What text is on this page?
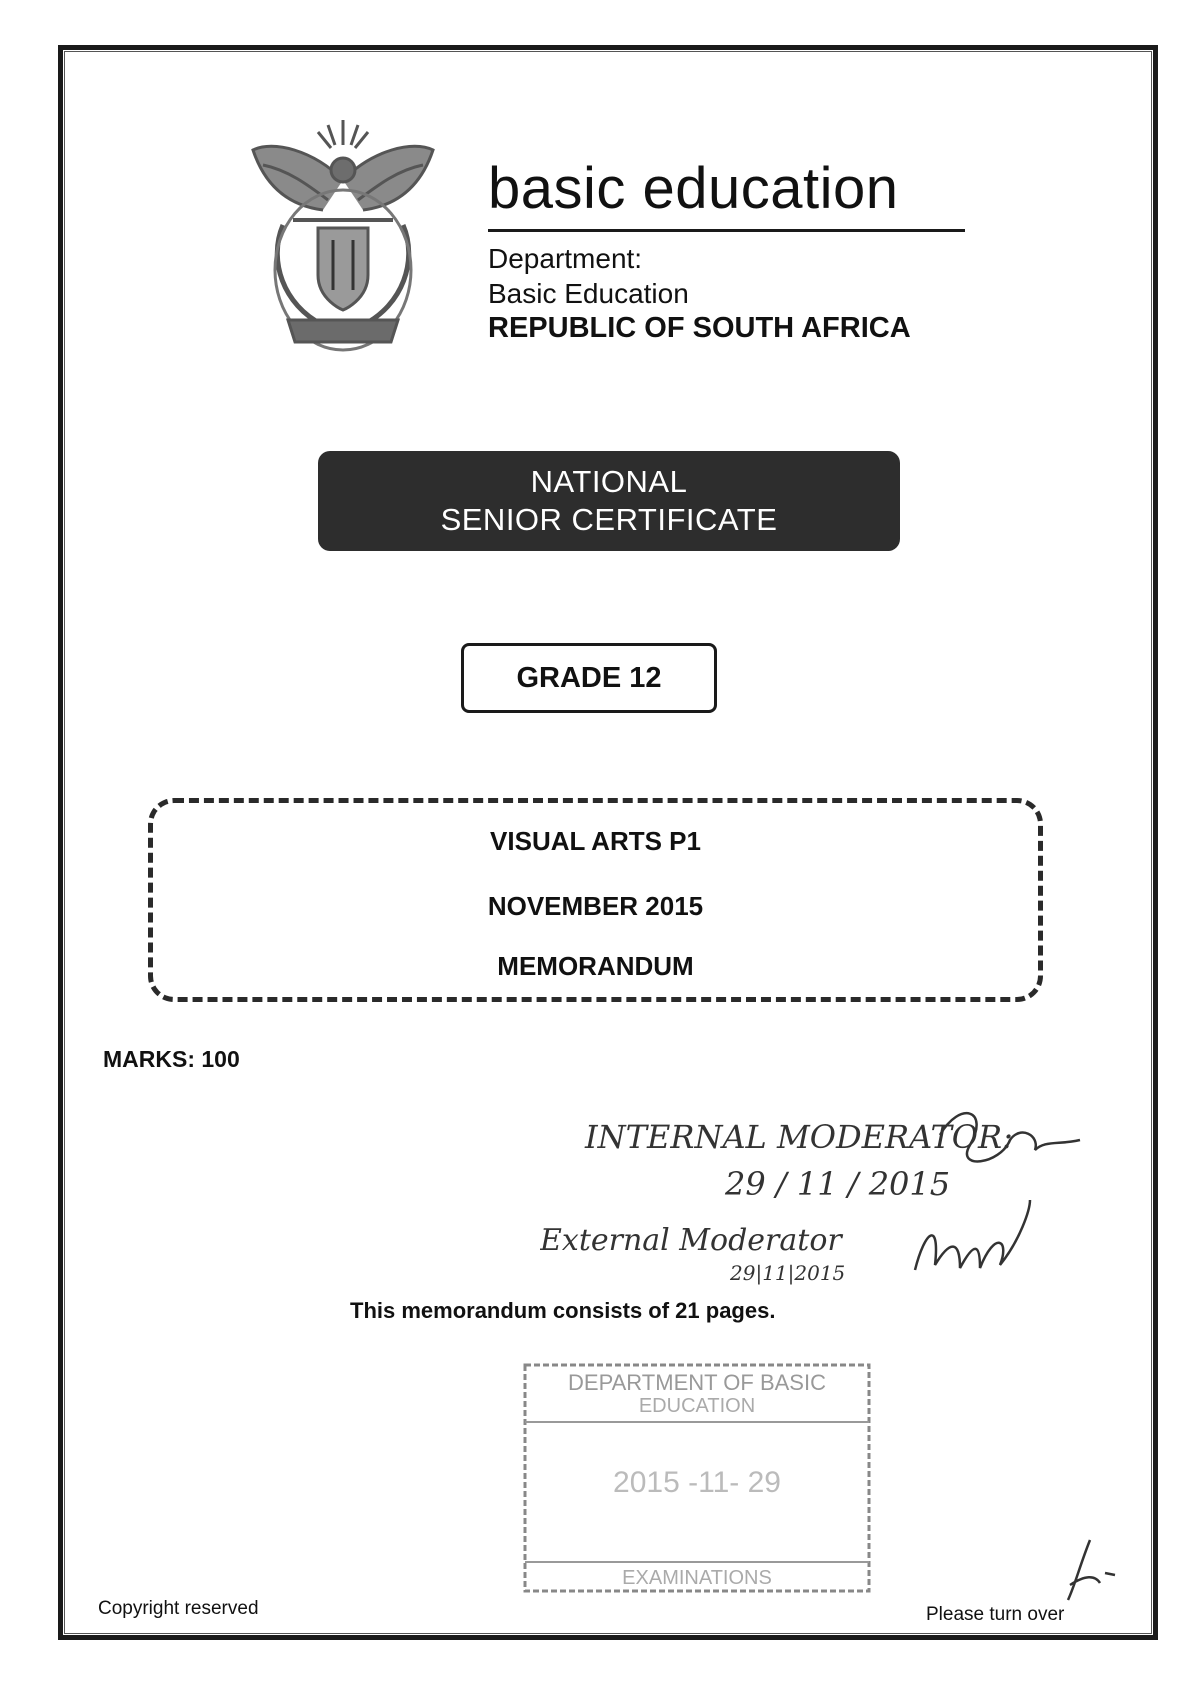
basic education
Department:
Basic Education
REPUBLIC OF SOUTH AFRICA
NATIONAL
SENIOR CERTIFICATE
GRADE 12
VISUAL ARTS P1
NOVEMBER 2015
MEMORANDUM
MARKS: 100
INTERNAL MODERATOR:
29 / 11 / 2015
External Moderator
29|11|2015
This memorandum consists of 21 pages.
DEPARTMENT OF BASIC
EDUCATION
2015 -11- 29
EXAMINATIONS
Copyright reserved	Please turn over
